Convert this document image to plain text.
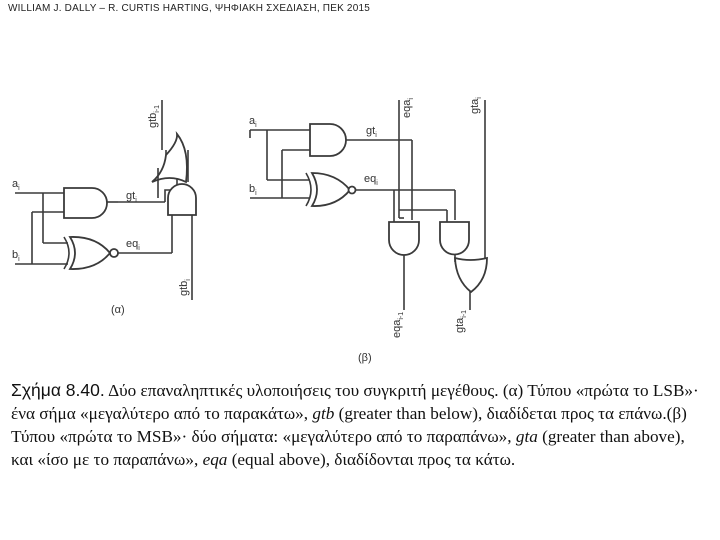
WILLIAM J. DALLY – R. CURTIS HARTING, ΨΗΦΙΑΚΗ ΣΧΕΔΙΑΣΗ, ΠΕΚ 2015
$a_i$
$b_i$
$gt_i$
$eq_i$
gtb$_{i-1}$
gtb$_i$
(α)
$a_i$
$b_i$
$gt_i$
$eq_i$
eqa$_i$	gta$_i$
eqa$_{i-1}$
gta$_{i-1}$
(β)
Σχήμα 8.40. Δύο επαναληπτικές υλοποιήσεις του συγκριτή μεγέθους. (α) Τύπου «πρώτα το LSB»· ένα σήμα «μεγαλύτερο από το παρακάτω», gtb (greater than below), διαδίδεται προς τα επάνω.(β) Τύπου «πρώτα το MSB»· δύο σήματα: «μεγαλύτερο από το παραπάνω», gta (greater than above), και «ίσο με το παραπάνω», eqa (equal above), διαδίδονται προς τα κάτω.
